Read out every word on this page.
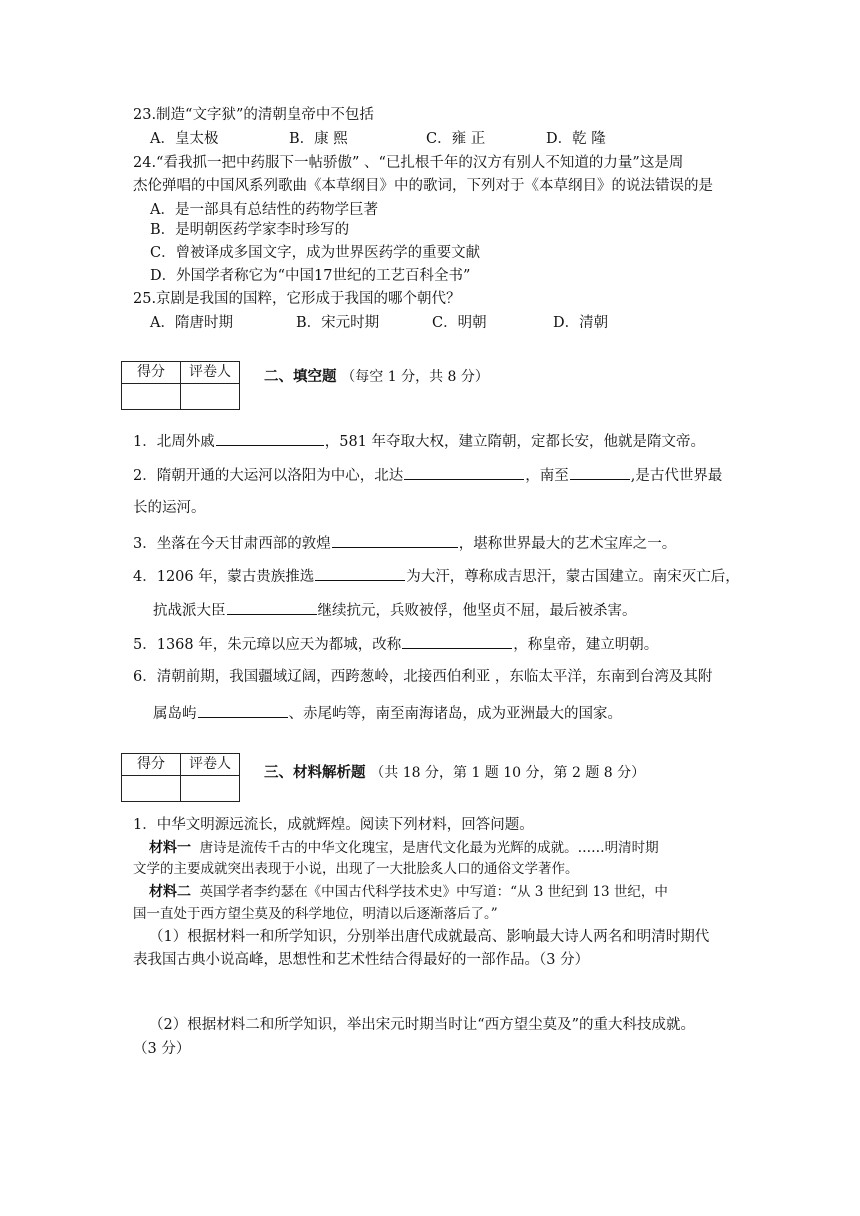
23.制造“文字狱”的清朝皇帝中不包括
A．皇太极	B．康 熙	C．雍 正	D．乾 隆
24.“看我抓一把中药服下一帖骄傲” 、“已扎根千年的汉方有别人不知道的力量”这是周
杰伦弹唱的中国风系列歌曲《本草纲目》中的歌词，下列对于《本草纲目》的说法错误的是
A．是一部具有总结性的药物学巨著
B．是明朝医药学家李时珍写的
C．曾被译成多国文字，成为世界医药学的重要文献
D．外国学者称它为“中国17世纪的工艺百科全书”
25.京剧是我国的国粹，它形成于我国的哪个朝代？
A．隋唐时期	B．宋元时期	C．明朝	D．清朝
得分	评卷人
	二、填空题 （每空 1 分，共 8 分）
1．北周外戚	，581 年夺取大权，建立隋朝，定都长安，他就是隋文帝。
2．隋朝开通的大运河以洛阳为中心，北达	，南至	,是古代世界最
长的运河。
3．坐落在今天甘肃西部的敦煌	，堪称世界最大的艺术宝库之一。
4．1206 年，蒙古贵族推选	为大汗，尊称成吉思汗，蒙古国建立。南宋灭亡后，
抗战派大臣	继续抗元，兵败被俘，他坚贞不屈，最后被杀害。
5．1368 年，朱元璋以应天为都城，改称	，称皇帝，建立明朝。
6．清朝前期，我国疆域辽阔，西跨葱岭，北接西伯利亚 ，东临太平洋，东南到台湾及其附
属岛屿	、赤尾屿等，南至南海诸岛，成为亚洲最大的国家。
得分	评卷人

三、材料解析题 （共 18 分，第 1 题 10 分，第 2 题 8 分）
1．中华文明源远流长，成就辉煌。阅读下列材料，回答问题。
材料一 唐诗是流传千古的中华文化瑰宝，是唐代文化最为光辉的成就。……明清时期
文学的主要成就突出表现于小说，出现了一大批脍炙人口的通俗文学著作。
材料二 英国学者李约瑟在《中国古代科学技术史》中写道：“从 3 世纪到 13 世纪，中
国一直处于西方望尘莫及的科学地位，明清以后逐渐落后了。”
（1）根据材料一和所学知识，分别举出唐代成就最高、影响最大诗人两名和明清时期代
表我国古典小说高峰，思想性和艺术性结合得最好的一部作品。（3 分）
（2）根据材料二和所学知识，举出宋元时期当时让“西方望尘莫及”的重大科技成就。
（3 分）
